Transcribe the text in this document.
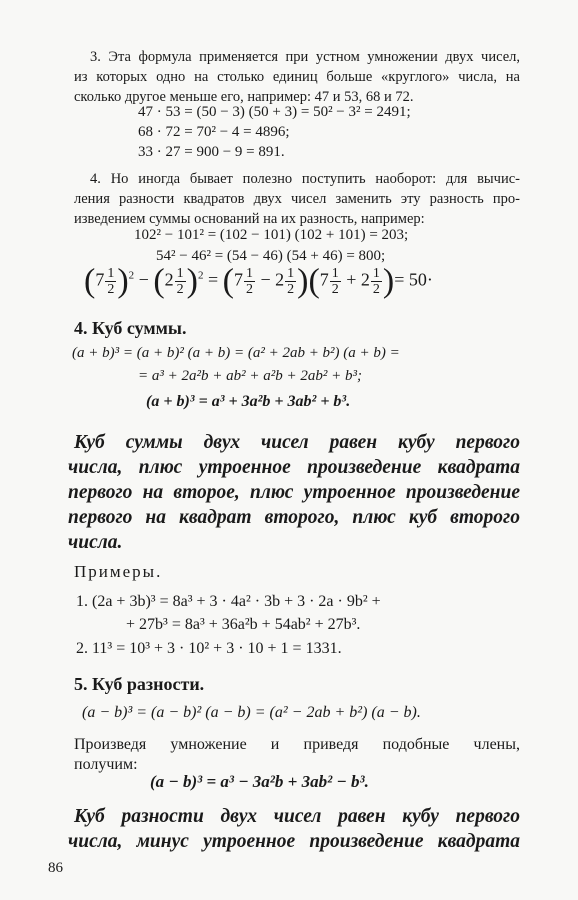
3. Эта формула применяется при устном умножении двух чисел,
из которых одно на столько единиц больше «круглого» числа, на
сколько другое меньше его, например: 47 и 53, 68 и 72.
47 · 53 = (50 − 3) (50 + 3) = 50² − 3² = 2491;
68 · 72 = 70² − 4 = 4896;
33 · 27 = 900 − 9 = 891.
4. Но иногда бывает полезно поступить наоборот: для вычис-
ления разности квадратов двух чисел заменить эту разность про-
изведением суммы оснований на их разность, например:
102² − 101² = (102 − 101) (102 + 101) = 203;
54² − 46² = (54 − 46) (54 + 46) = 800;
$(7 \frac{1}{2} )^2 - (2 \frac{1}{2} )^2 = (7 \frac{1}{2} - 2 \frac{1}{2} )(7 \frac{1}{2} + 2 \frac{1}{2}$ )= 50·
4. Куб суммы.
(a + b)³ = (a + b)² (a + b) = (a² + 2ab + b²) (a + b) =
= a³ + 2a²b + ab² + a²b + 2ab² + b³;
(a + b)³ = a³ + 3a²b + 3ab² + b³.
Куб суммы двух чисел равен кубу первого
числа, плюс утроенное произведение квадрата
первого на второе, плюс утроенное произведение
первого на квадрат второго, плюс куб второго
числа.
Примеры.
1. (2a + 3b)³ = 8a³ + 3 · 4a² · 3b + 3 · 2a · 9b² +
+ 27b³ = 8a³ + 36a²b + 54ab² + 27b³.
2. 11³ = 10³ + 3 · 10² + 3 · 10 + 1 = 1331.
5. Куб разности.
(a − b)³ = (a − b)² (a − b) = (a² − 2ab + b²) (a − b).
Произведя умножение и приведя подобные члены,
получим:
(a − b)³ = a³ − 3a²b + 3ab² − b³.
Куб разности двух чисел равен кубу первого
числа, минус утроенное произведение квадрата
86
